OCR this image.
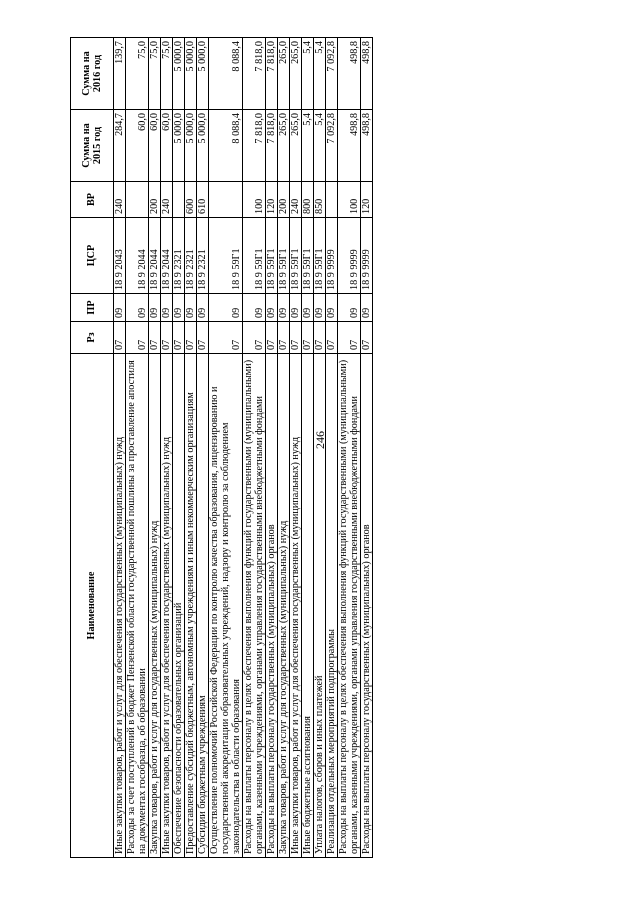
246
Наименование	Рз	ПР	ЦСР	ВР	Сумма на 2015 год	Сумма на 2016 год
Иные закупки товаров, работ и услуг для обеспечения государственных (муниципальных) нужд	07	09	18 9 2043	240	284,7	139,7
Расходы за счет поступлений в бюджет Пензенской области государственной пошлины за проставление апостиля на документах гособразца, об образовании	07	09	18 9 2044		60,0	75,0
Закупка товаров, работ и услуг для государственных (муниципальных) нужд	07	09	18 9 2044	200	60,0	75,0
Иные закупки товаров, работ и услуг для обеспечения государственных (муниципальных) нужд	07	09	18 9 2044	240	60,0	75,0
Обеспечение безопасности образовательных организаций	07	09	18 9 2321		5 000,0	5 000,0
Предоставление субсидий бюджетным, автономным учреждениям и иным некоммерческим организациям	07	09	18 9 2321	600	5 000,0	5 000,0
Субсидии бюджетным учреждениям	07	09	18 9 2321	610	5 000,0	5 000,0
Осуществление полномочий Российской Федерации по контролю качества образования, лицензированию и государственной аккредитации образовательных учреждений, надзору и контролю за соблюдением законодательства в области образования	07	09	18 9 59Г1		8 088,4	8 088,4
Расходы на выплаты персоналу в целях обеспечения выполнения функций государственными (муниципальными) органами, казенными учреждениями, органами управления государственными внебюджетными фондами	07	09	18 9 59Г1	100	7 818,0	7 818,0
Расходы на выплаты персоналу государственных (муниципальных) органов	07	09	18 9 59Г1	120	7 818,0	7 818,0
Закупка товаров, работ и услуг для государственных (муниципальных) нужд	07	09	18 9 59Г1	200	265,0	265,0
Иные закупки товаров, работ и услуг для обеспечения государственных (муниципальных) нужд	07	09	18 9 59Г1	240	265,0	265,0
Иные бюджетные ассигнования	07	09	18 9 59Г1	800	5,4	5,4
Уплата налогов, сборов и иных платежей	07	09	18 9 59Г1	850	5,4	5,4
Реализация отдельных мероприятий подпрограммы	07	09	18 9 9999		7 092,8	7 092,8
Расходы на выплаты персоналу в целях обеспечения выполнения функций государственными (муниципальными) органами, казенными учреждениями, органами управления государственными внебюджетными фондами	07	09	18 9 9999	100	498,8	498,8
Расходы на выплаты персоналу государственных (муниципальных) органов	07	09	18 9 9999	120	498,8	498,8
